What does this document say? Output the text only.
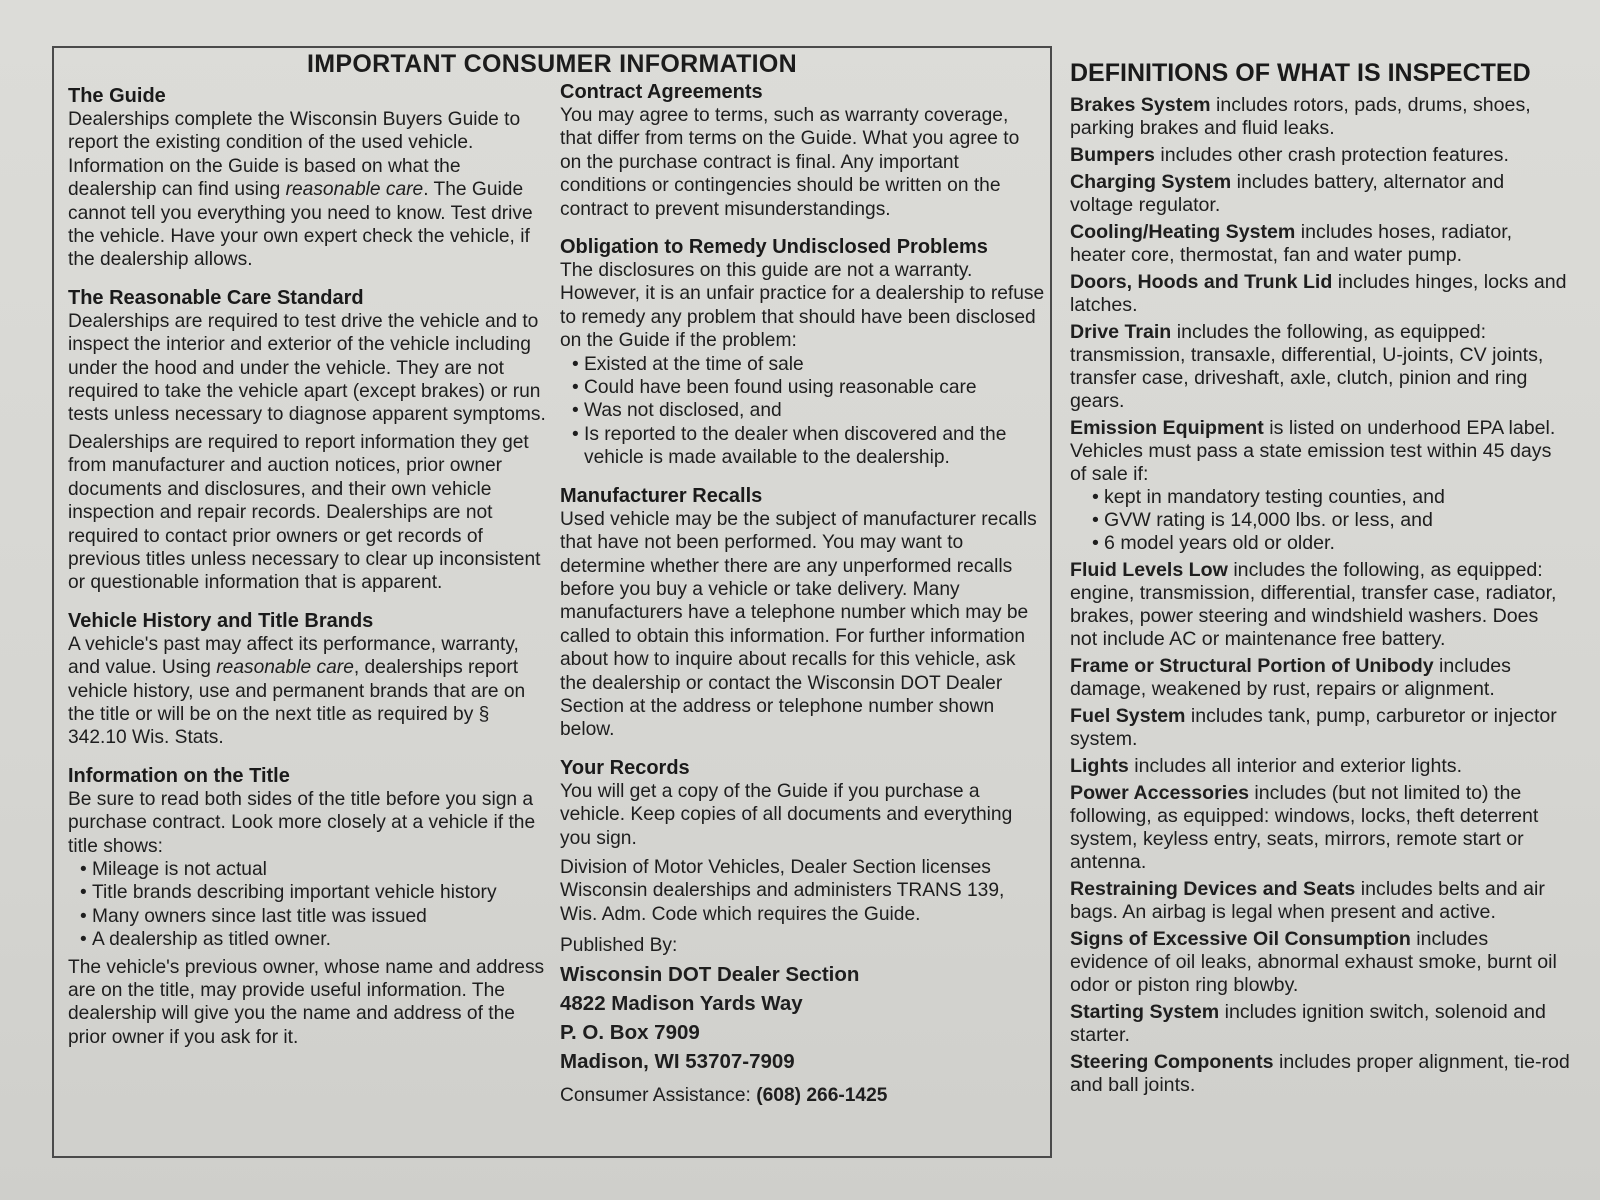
IMPORTANT CONSUMER INFORMATION
The Guide

Dealerships complete the Wisconsin Buyers Guide to report the existing condition of the used vehicle. Information on the Guide is based on what the dealership can find using reasonable care. The Guide cannot tell you everything you need to know. Test drive the vehicle. Have your own expert check the vehicle, if the dealership allows.

The Reasonable Care Standard

Dealerships are required to test drive the vehicle and to inspect the interior and exterior of the vehicle including under the hood and under the vehicle. They are not required to take the vehicle apart (except brakes) or run tests unless necessary to diagnose apparent symptoms.

Dealerships are required to report information they get from manufacturer and auction notices, prior owner documents and disclosures, and their own vehicle inspection and repair records. Dealerships are not required to contact prior owners or get records of previous titles unless necessary to clear up inconsistent or questionable information that is apparent.

Vehicle History and Title Brands

A vehicle's past may affect its performance, warranty, and value. Using reasonable care, dealerships report vehicle history, use and permanent brands that are on the title or will be on the next title as required by § 342.10 Wis. Stats.

Information on the Title

Be sure to read both sides of the title before you sign a purchase contract. Look more closely at a vehicle if the title shows:

• Mileage is not actual
• Title brands describing important vehicle history
• Many owners since last title was issued
• A dealership as titled owner.

The vehicle's previous owner, whose name and address are on the title, may provide useful information. The dealership will give you the name and address of the prior owner if you ask for it.

Contract Agreements

You may agree to terms, such as warranty coverage, that differ from terms on the Guide. What you agree to on the purchase contract is final. Any important conditions or contingencies should be written on the contract to prevent misunderstandings.

Obligation to Remedy Undisclosed Problems

The disclosures on this guide are not a warranty. However, it is an unfair practice for a dealership to refuse to remedy any problem that should have been disclosed on the Guide if the problem:

• Existed at the time of sale
• Could have been found using reasonable care
• Was not disclosed, and
• Is reported to the dealer when discovered and the vehicle is made available to the dealership.
Manufacturer Recalls

Used vehicle may be the subject of manufacturer recalls that have not been performed. You may want to determine whether there are any unperformed recalls before you buy a vehicle or take delivery. Many manufacturers have a telephone number which may be called to obtain this information. For further information about how to inquire about recalls for this vehicle, ask the dealership or contact the Wisconsin DOT Dealer Section at the address or telephone number shown below.

Your Records

You will get a copy of the Guide if you purchase a vehicle. Keep copies of all documents and everything you sign.

Division of Motor Vehicles, Dealer Section licenses Wisconsin dealerships and administers TRANS 139, Wis. Adm. Code which requires the Guide.

Published By:

Wisconsin DOT Dealer Section

4822 Madison Yards Way

P. O. Box 7909

Madison, WI 53707-7909

Consumer Assistance: (608) 266-1425

DEFINITIONS OF WHAT IS INSPECTED
Brakes System includes rotors, pads, drums, shoes, parking brakes and fluid leaks.
Bumpers includes other crash protection features.
Charging System includes battery, alternator and voltage regulator.
Cooling/Heating System includes hoses, radiator, heater core, thermostat, fan and water pump.
Doors, Hoods and Trunk Lid includes hinges, locks and latches.
Drive Train includes the following, as equipped: transmission, transaxle, differential, U-joints, CV joints, transfer case, driveshaft, axle, clutch, pinion and ring gears.
Emission Equipment is listed on underhood EPA label. Vehicles must pass a state emission test within 45 days of sale if:
• kept in mandatory testing counties, and
• GVW rating is 14,000 lbs. or less, and
• 6 model years old or older.
Fluid Levels Low includes the following, as equipped: engine, transmission, differential, transfer case, radiator, brakes, power steering and windshield washers. Does not include AC or maintenance free battery.
Frame or Structural Portion of Unibody includes damage, weakened by rust, repairs or alignment.
Fuel System includes tank, pump, carburetor or injector system.
Lights includes all interior and exterior lights.
Power Accessories includes (but not limited to) the following, as equipped: windows, locks, theft deterrent system, keyless entry, seats, mirrors, remote start or antenna.
Restraining Devices and Seats includes belts and air bags. An airbag is legal when present and active.
Signs of Excessive Oil Consumption includes evidence of oil leaks, abnormal exhaust smoke, burnt oil odor or piston ring blowby.
Starting System includes ignition switch, solenoid and starter.
Steering Components includes proper alignment, tie-rod and ball joints.
